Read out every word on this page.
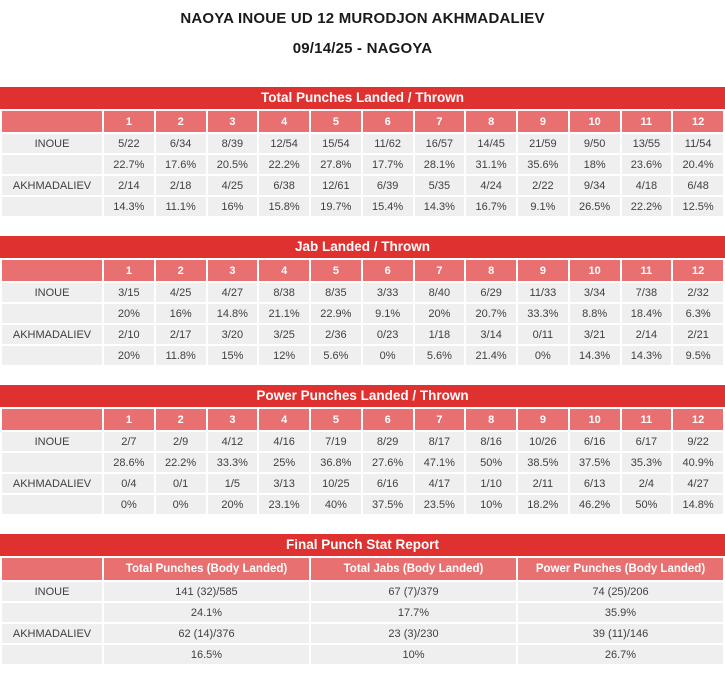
NAOYA INOUE UD 12 MURODJON AKHMADALIEV
09/14/25 - NAGOYA
Total Punches Landed / Thrown
	1	2	3	4	5	6	7	8	9	10	11	12
INOUE	5/22	6/34	8/39	12/54	15/54	11/62	16/57	14/45	21/59	9/50	13/55	11/54
	22.7%	17.6%	20.5%	22.2%	27.8%	17.7%	28.1%	31.1%	35.6%	18%	23.6%	20.4%
AKHMADALIEV	2/14	2/18	4/25	6/38	12/61	6/39	5/35	4/24	2/22	9/34	4/18	6/48
	14.3%	11.1%	16%	15.8%	19.7%	15.4%	14.3%	16.7%	9.1%	26.5%	22.2%	12.5%
Jab Landed / Thrown
	1	2	3	4	5	6	7	8	9	10	11	12
INOUE	3/15	4/25	4/27	8/38	8/35	3/33	8/40	6/29	11/33	3/34	7/38	2/32
	20%	16%	14.8%	21.1%	22.9%	9.1%	20%	20.7%	33.3%	8.8%	18.4%	6.3%
AKHMADALIEV	2/10	2/17	3/20	3/25	2/36	0/23	1/18	3/14	0/11	3/21	2/14	2/21
	20%	11.8%	15%	12%	5.6%	0%	5.6%	21.4%	0%	14.3%	14.3%	9.5%
Power Punches Landed / Thrown
	1	2	3	4	5	6	7	8	9	10	11	12
INOUE	2/7	2/9	4/12	4/16	7/19	8/29	8/17	8/16	10/26	6/16	6/17	9/22
	28.6%	22.2%	33.3%	25%	36.8%	27.6%	47.1%	50%	38.5%	37.5%	35.3%	40.9%
AKHMADALIEV	0/4	0/1	1/5	3/13	10/25	6/16	4/17	1/10	2/11	6/13	2/4	4/27
	0%	0%	20%	23.1%	40%	37.5%	23.5%	10%	18.2%	46.2%	50%	14.8%
Final Punch Stat Report
	Total Punches (Body Landed)	Total Jabs (Body Landed)	Power Punches (Body Landed)
INOUE	141 (32)/585	67 (7)/379	74 (25)/206
	24.1%	17.7%	35.9%
AKHMADALIEV	62 (14)/376	23 (3)/230	39 (11)/146
	16.5%	10%	26.7%
